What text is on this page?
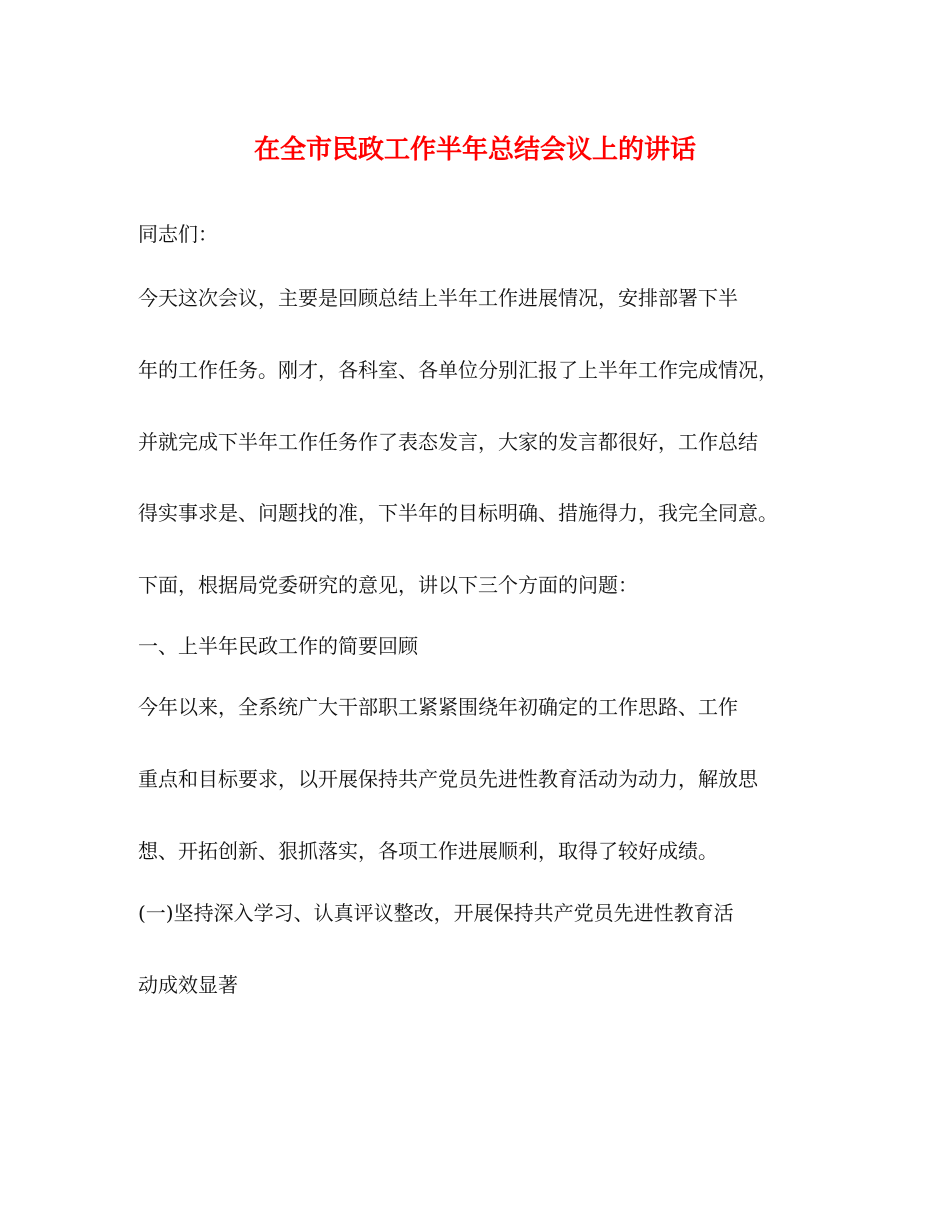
在全市民政工作半年总结会议上的讲话
同志们：
今天这次会议，主要是回顾总结上半年工作进展情况，安排部署下半
年的工作任务。刚才，各科室、各单位分别汇报了上半年工作完成情况，
并就完成下半年工作任务作了表态发言，大家的发言都很好，工作总结
得实事求是、问题找的准，下半年的目标明确、措施得力，我完全同意。
下面，根据局党委研究的意见，讲以下三个方面的问题：
一、上半年民政工作的简要回顾
今年以来，全系统广大干部职工紧紧围绕年初确定的工作思路、工作
重点和目标要求，以开展保持共产党员先进性教育活动为动力，解放思
想、开拓创新、狠抓落实，各项工作进展顺利，取得了较好成绩。
(一)坚持深入学习、认真评议整改，开展保持共产党员先进性教育活
动成效显著
